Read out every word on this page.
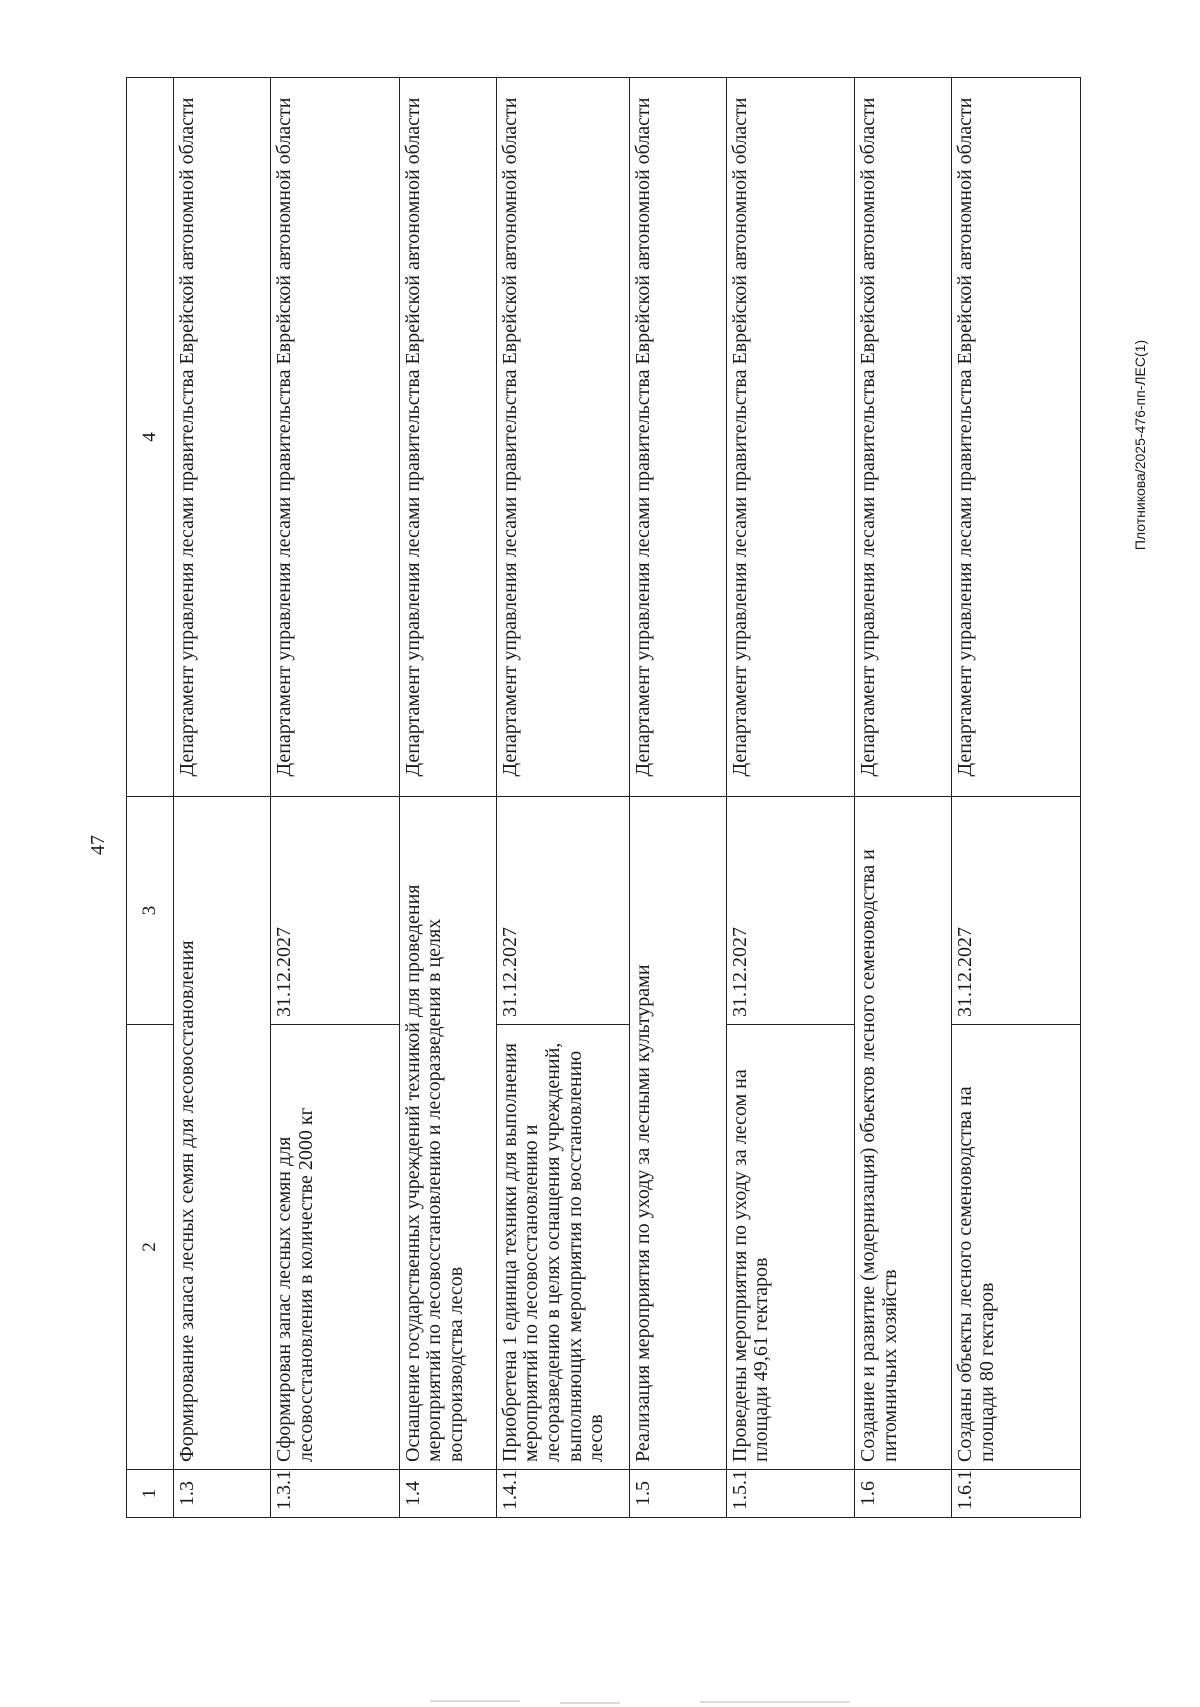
47
1	2	3	4
1.3	Формирование запаса лесных семян для лесовосстановления		Департамент управления лесами правительства Еврейской автономной области
1.3.1	Сформирован запас лесных семян для лесовосстановления в количестве 2000 кг	31.12.2027	Департамент управления лесами правительства Еврейской автономной области
1.4	Оснащение государственных учреждений техникой для проведения мероприятий по лесовосстановлению и лесоразведения в целях воспроизводства лесов		Департамент управления лесами правительства Еврейской автономной области
1.4.1	Приобретена 1 единица техники для выполнения мероприятий по лесовосстановлению и лесоразведению в целях оснащения учреждений, выполняющих мероприятия по восстановлению лесов	31.12.2027	Департамент управления лесами правительства Еврейской автономной области
1.5	Реализация мероприятия по уходу за лесными культурами		Департамент управления лесами правительства Еврейской автономной области
1.5.1	Проведены мероприятия по уходу за лесом на площади 49,61 гектаров	31.12.2027	Департамент управления лесами правительства Еврейской автономной области
1.6	Создание и развитие (модернизация) объектов лесного семеноводства и питомничьих хозяйств		Департамент управления лесами правительства Еврейской автономной области
1.6.1	Созданы объекты лесного семеноводства на площади 80 гектаров	31.12.2027	Департамент управления лесами правительства Еврейской автономной области	Плотникова/2025-476-пп-ЛЕС(1)
